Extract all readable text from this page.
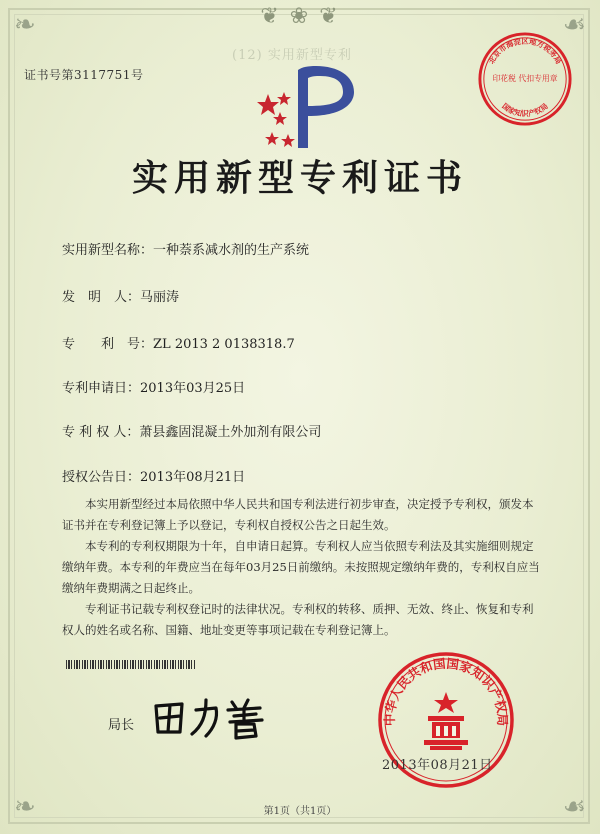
❦ ❀ ❦
❧	☙
❧	☙
(12) 实用新型专利
证书号第3117751号
实用新型专利证书
实用新型名称：一种萘系减水剂的生产系统
发　明　人：马丽涛
专　　利　号：ZL 2013 2 0138318.7
专利申请日：2013年03月25日
专 利 权 人：萧县鑫固混凝土外加剂有限公司
授权公告日：2013年08月21日

本实用新型经过本局依照中华人民共和国专利法进行初步审查，决定授予专利权，颁发本证书并在专利登记簿上予以登记，专利权自授权公告之日起生效。

本专利的专利权期限为十年，自申请日起算。专利权人应当依照专利法及其实施细则规定缴纳年费。本专利的年费应当在每年03月25日前缴纳。未按照规定缴纳年费的，专利权自应当缴纳年费期满之日起终止。

专利证书记载专利权登记时的法律状况。专利权的转移、质押、无效、终止、恢复和专利权人的姓名或名称、国籍、地址变更等事项记载在专利登记簿上。

局长
北京市海淀区地方税务局
印花税 代扣专用章
国家知识产权局
中华人民共和国国家知识产权局
2013年08月21日
第1页（共1页）
